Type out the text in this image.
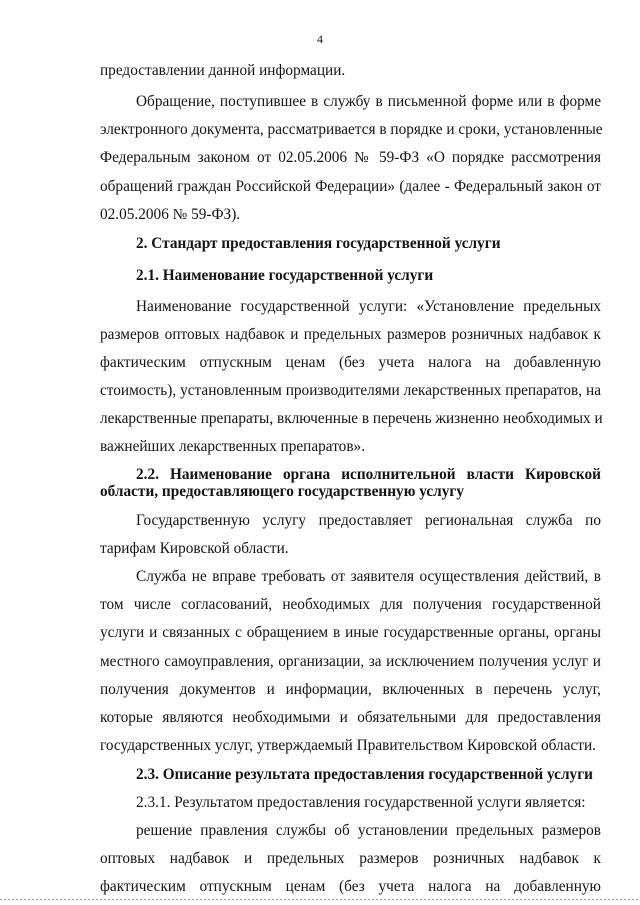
4
предоставлении данной информации.
Обращение, поступившее в службу в письменной форме или в форме
электронного документа, рассматривается в порядке и сроки, установленные
Федеральным законом от 02.05.2006 № 59-ФЗ «О порядке рассмотрения
обращений граждан Российской Федерации» (далее - Федеральный закон от
02.05.2006 № 59-ФЗ).
2. Стандарт предоставления государственной услуги
2.1. Наименование государственной услуги
Наименование государственной услуги: «Установление предельных
размеров оптовых надбавок и предельных размеров розничных надбавок к
фактическим отпускным ценам (без учета налога на добавленную
стоимость), установленным производителями лекарственных препаратов, на
лекарственные препараты, включенные в перечень жизненно необходимых и
важнейших лекарственных препаратов».
2.2. Наименование органа исполнительной власти Кировской
области, предоставляющего государственную услугу
Государственную услугу предоставляет региональная служба по
тарифам Кировской области.
Служба не вправе требовать от заявителя осуществления действий, в
том числе согласований, необходимых для получения государственной
услуги и связанных с обращением в иные государственные органы, органы
местного самоуправления, организации, за исключением получения услуг и
получения документов и информации, включенных в перечень услуг,
которые являются необходимыми и обязательными для предоставления
государственных услуг, утверждаемый Правительством Кировской области.
2.3. Описание результата предоставления государственной услуги
2.3.1. Результатом предоставления государственной услуги является:
решение правления службы об установлении предельных размеров
оптовых надбавок и предельных размеров розничных надбавок к
фактическим отпускным ценам (без учета налога на добавленную
